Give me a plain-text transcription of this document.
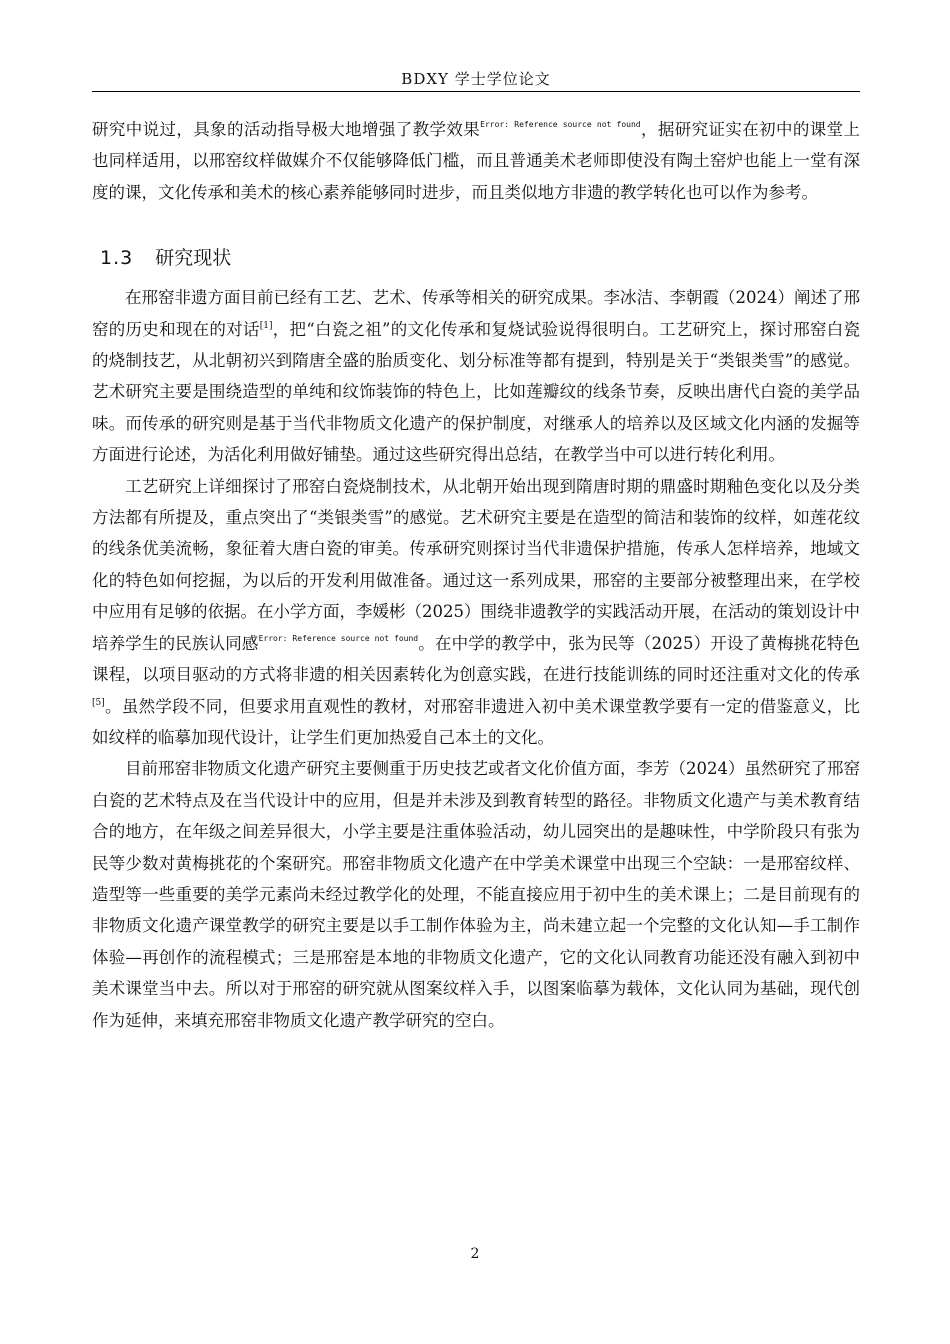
BDXY 学士学位论文

研究中说过，具象的活动指导极大地增强了教学效果$^{Error: Reference source not found}$，据研究证实在初中的课堂上也同样适用，以邢窑纹样做媒介不仅能够降低门槛，而且普通美术老师即使没有陶土窑炉也能上一堂有深度的课，文化传承和美术的核心素养能够同时进步，而且类似地方非遗的教学转化也可以作为参考。

1.3 研究现状

在邢窑非遗方面目前已经有工艺、艺术、传承等相关的研究成果。李冰洁、李朝霞（2024）阐述了邢窑的历史和现在的对话[1]，把“白瓷之祖”的文化传承和复烧试验说得很明白。工艺研究上，探讨邢窑白瓷的烧制技艺，从北朝初兴到隋唐全盛的胎质变化、划分标准等都有提到，特别是关于“类银类雪”的感觉。艺术研究主要是围绕造型的单纯和纹饰装饰的特色上，比如莲瓣纹的线条节奏，反映出唐代白瓷的美学品味。而传承的研究则是基于当代非物质文化遗产的保护制度，对继承人的培养以及区域文化内涵的发掘等方面进行论述，为活化利用做好铺垫。通过这些研究得出总结，在教学当中可以进行转化利用。

工艺研究上详细探讨了邢窑白瓷烧制技术，从北朝开始出现到隋唐时期的鼎盛时期釉色变化以及分类方法都有所提及，重点突出了“类银类雪”的感觉。艺术研究主要是在造型的简洁和装饰的纹样，如莲花纹的线条优美流畅，象征着大唐白瓷的审美。传承研究则探讨当代非遗保护措施，传承人怎样培养，地域文化的特色如何挖掘，为以后的开发利用做准备。通过这一系列成果，邢窑的主要部分被整理出来，在学校中应用有足够的依据。在小学方面，李媛彬（2025）围绕非遗教学的实践活动开展，在活动的策划设计中培养学生的民族认同感$^{Error: Reference source not found}$。在中学的教学中，张为民等（2025）开设了黄梅挑花特色课程，以项目驱动的方式将非遗的相关因素转化为创意实践，在进行技能训练的同时还注重对文化的传承[5]。虽然学段不同，但要求用直观性的教材，对邢窑非遗进入初中美术课堂教学要有一定的借鉴意义，比如纹样的临摹加现代设计，让学生们更加热爱自己本土的文化。

目前邢窑非物质文化遗产研究主要侧重于历史技艺或者文化价值方面，李芳（2024）虽然研究了邢窑白瓷的艺术特点及在当代设计中的应用，但是并未涉及到教育转型的路径。非物质文化遗产与美术教育结合的地方，在年级之间差异很大，小学主要是注重体验活动，幼儿园突出的是趣味性，中学阶段只有张为民等少数对黄梅挑花的个案研究。邢窑非物质文化遗产在中学美术课堂中出现三个空缺：一是邢窑纹样、造型等一些重要的美学元素尚未经过教学化的处理，不能直接应用于初中生的美术课上；二是目前现有的非物质文化遗产课堂教学的研究主要是以手工制作体验为主，尚未建立起一个完整的文化认知—手工制作体验—再创作的流程模式；三是邢窑是本地的非物质文化遗产，它的文化认同教育功能还没有融入到初中美术课堂当中去。所以对于邢窑的研究就从图案纹样入手，以图案临摹为载体，文化认同为基础，现代创作为延伸，来填充邢窑非物质文化遗产教学研究的空白。

2
